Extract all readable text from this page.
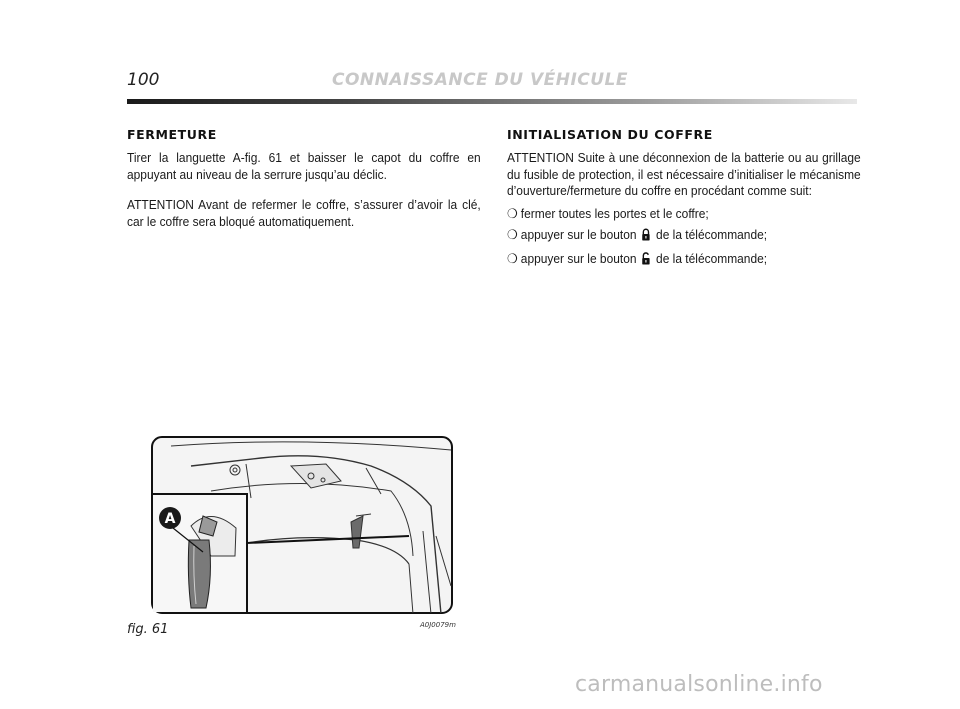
100	CONNAISSANCE DU VÉHICULE
FERMETURE

Tirer la languette A-fig. 61 et baisser le capot du coffre en appuyant au niveau de la serrure jusqu’au déclic.

ATTENTION Avant de refermer le coffre, s’assurer d’avoir la clé, car le coffre sera bloqué automatiquement.

INITIALISATION DU COFFRE

ATTENTION Suite à une déconnexion de la batterie ou au grillage du fusible de protection, il est nécessaire d’initialiser le mécanisme d’ouverture/fermeture du coffre en procédant comme suit:

❍ fermer toutes les portes et le coffre;
❍ appuyer sur le bouton de la télécommande;
❍ appuyer sur le bouton de la télécommande;
A
fig. 61	A0J0079m
carmanualsonline.info
